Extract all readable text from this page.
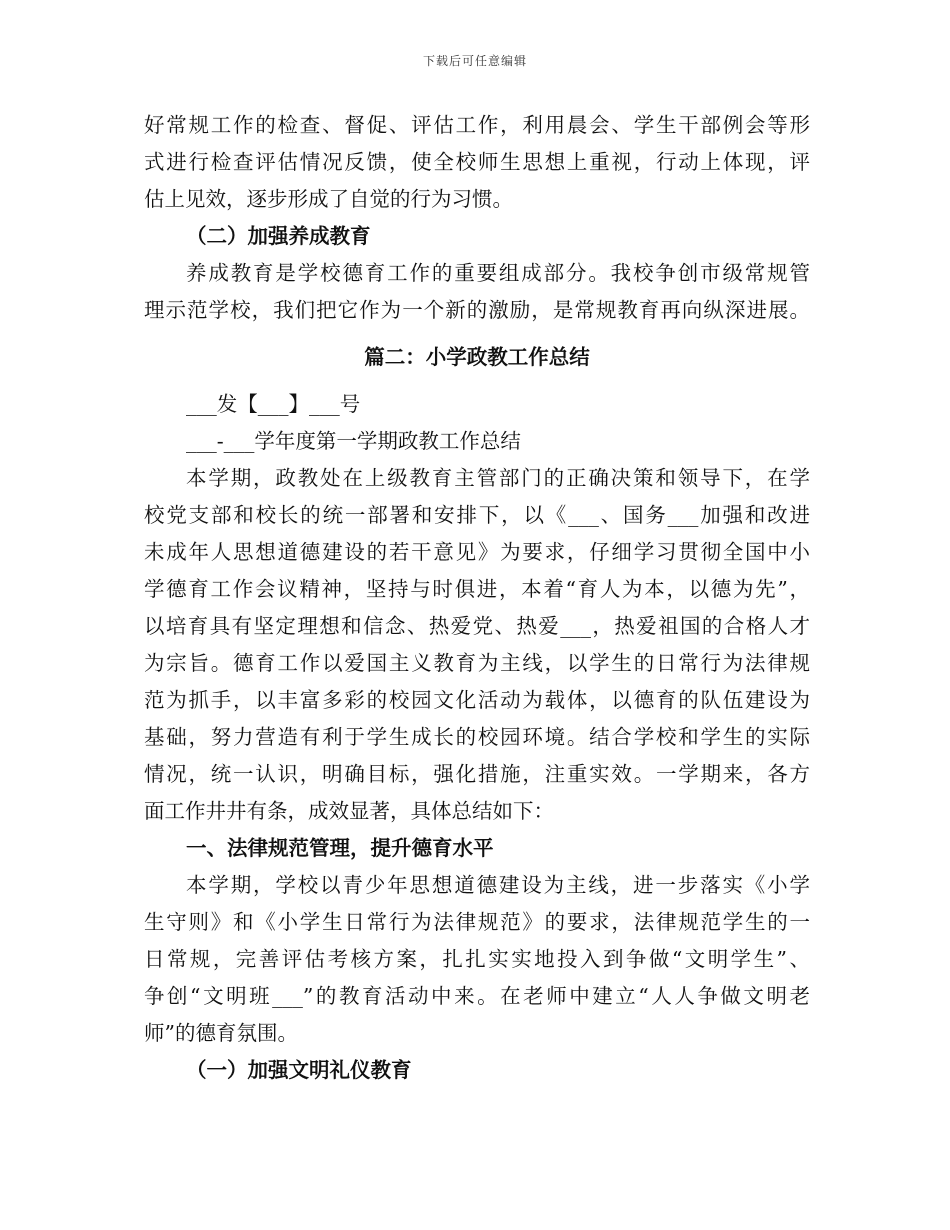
下载后可任意编辑
好常规工作的检查、督促、评估工作，利用晨会、学生干部例会等形
式进行检查评估情况反馈，使全校师生思想上重视，行动上体现，评
估上见效，逐步形成了自觉的行为习惯。
（二）加强养成教育
养成教育是学校德育工作的重要组成部分。我校争创市级常规管
理示范学校，我们把它作为一个新的激励，是常规教育再向纵深进展。
篇二：小学政教工作总结
___发【___】___号
___-___学年度第一学期政教工作总结
本学期，政教处在上级教育主管部门的正确决策和领导下，在学
校党支部和校长的统一部署和安排下，以《___、国务___加强和改进
未成年人思想道德建设的若干意见》为要求，仔细学习贯彻全国中小
学德育工作会议精神，坚持与时俱进，本着“育人为本，以德为先”，
以培育具有坚定理想和信念、热爱党、热爱___，热爱祖国的合格人才
为宗旨。德育工作以爱国主义教育为主线，以学生的日常行为法律规
范为抓手，以丰富多彩的校园文化活动为载体，以德育的队伍建设为
基础，努力营造有利于学生成长的校园环境。结合学校和学生的实际
情况，统一认识，明确目标，强化措施，注重实效。一学期来，各方
面工作井井有条，成效显著，具体总结如下：
一、法律规范管理，提升德育水平
本学期，学校以青少年思想道德建设为主线，进一步落实《小学
生守则》和《小学生日常行为法律规范》的要求，法律规范学生的一
日常规，完善评估考核方案，扎扎实实地投入到争做“文明学生”、
争创“文明班___”的教育活动中来。在老师中建立“人人争做文明老
师”的德育氛围。
（一）加强文明礼仪教育
